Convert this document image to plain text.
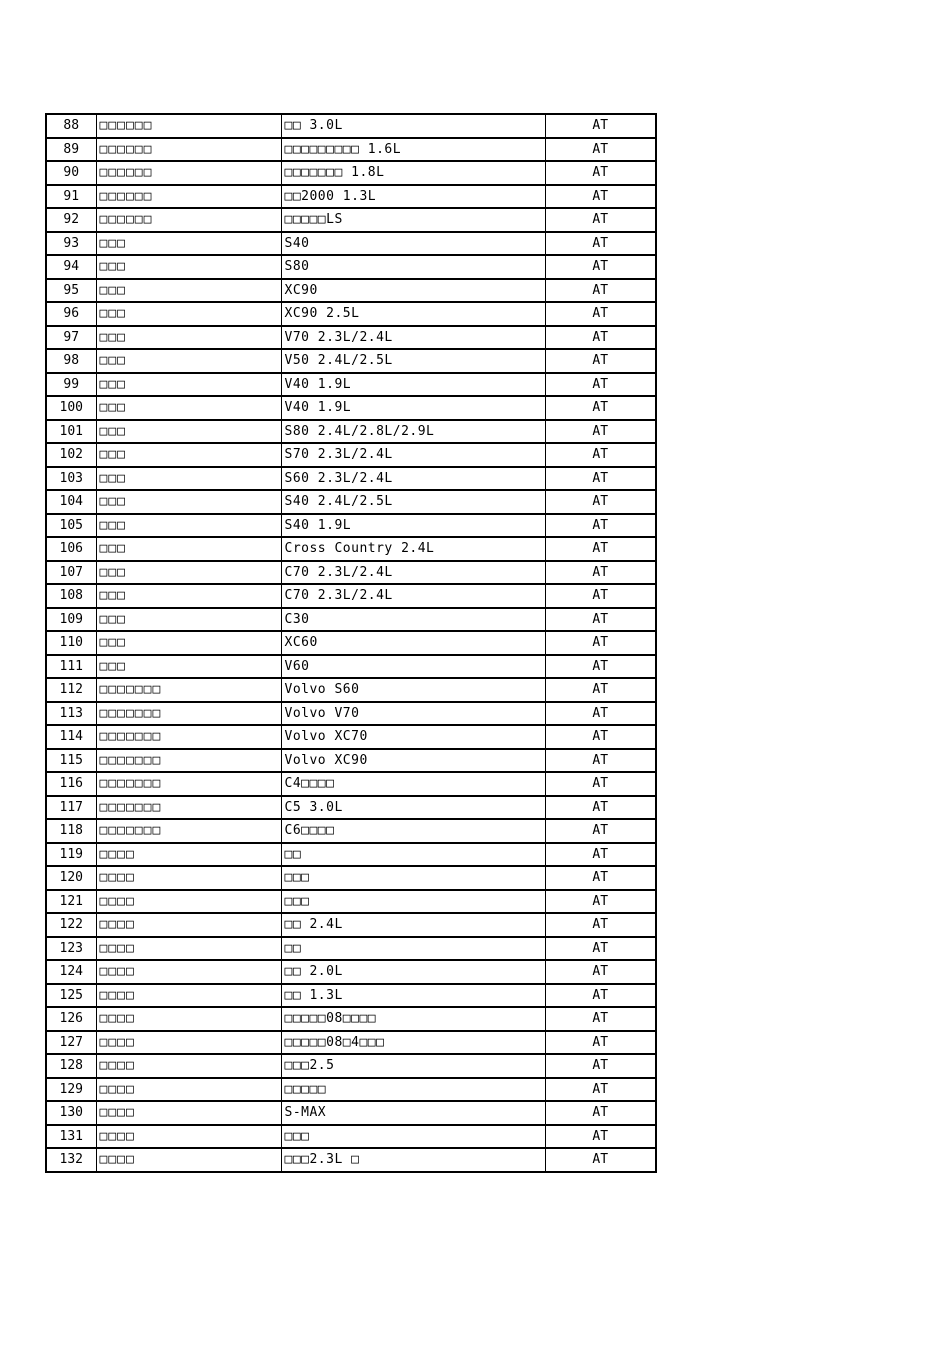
88	□□□□□□	□□ 3.0L	AT
89	□□□□□□	□□□□□□□□□ 1.6L	AT
90	□□□□□□	□□□□□□□ 1.8L	AT
91	□□□□□□	□□2000 1.3L	AT
92	□□□□□□	□□□□□LS	AT
93	□□□	S40	AT
94	□□□	S80	AT
95	□□□	XC90	AT
96	□□□	XC90 2.5L	AT
97	□□□	V70 2.3L/2.4L	AT
98	□□□	V50 2.4L/2.5L	AT
99	□□□	V40 1.9L	AT
100	□□□	V40 1.9L	AT
101	□□□	S80 2.4L/2.8L/2.9L	AT
102	□□□	S70 2.3L/2.4L	AT
103	□□□	S60 2.3L/2.4L	AT
104	□□□	S40 2.4L/2.5L	AT
105	□□□	S40 1.9L	AT
106	□□□	Cross Country 2.4L	AT
107	□□□	C70 2.3L/2.4L	AT
108	□□□	C70 2.3L/2.4L	AT
109	□□□	C30	AT
110	□□□	XC60	AT
111	□□□	V60	AT
112	□□□□□□□	Volvo S60	AT
113	□□□□□□□	Volvo V70	AT
114	□□□□□□□	Volvo XC70	AT
115	□□□□□□□	Volvo XC90	AT
116	□□□□□□□	C4□□□□	AT
117	□□□□□□□	C5 3.0L	AT
118	□□□□□□□	C6□□□□	AT
119	□□□□	□□	AT
120	□□□□	□□□	AT
121	□□□□	□□□	AT
122	□□□□	□□ 2.4L	AT
123	□□□□	□□	AT
124	□□□□	□□ 2.0L	AT
125	□□□□	□□ 1.3L	AT
126	□□□□	□□□□□08□□□□	AT
127	□□□□	□□□□□08□4□□□	AT
128	□□□□	□□□2.5	AT
129	□□□□	□□□□□	AT
130	□□□□	S-MAX	AT
131	□□□□	□□□	AT
132	□□□□	□□□2.3L □	AT
